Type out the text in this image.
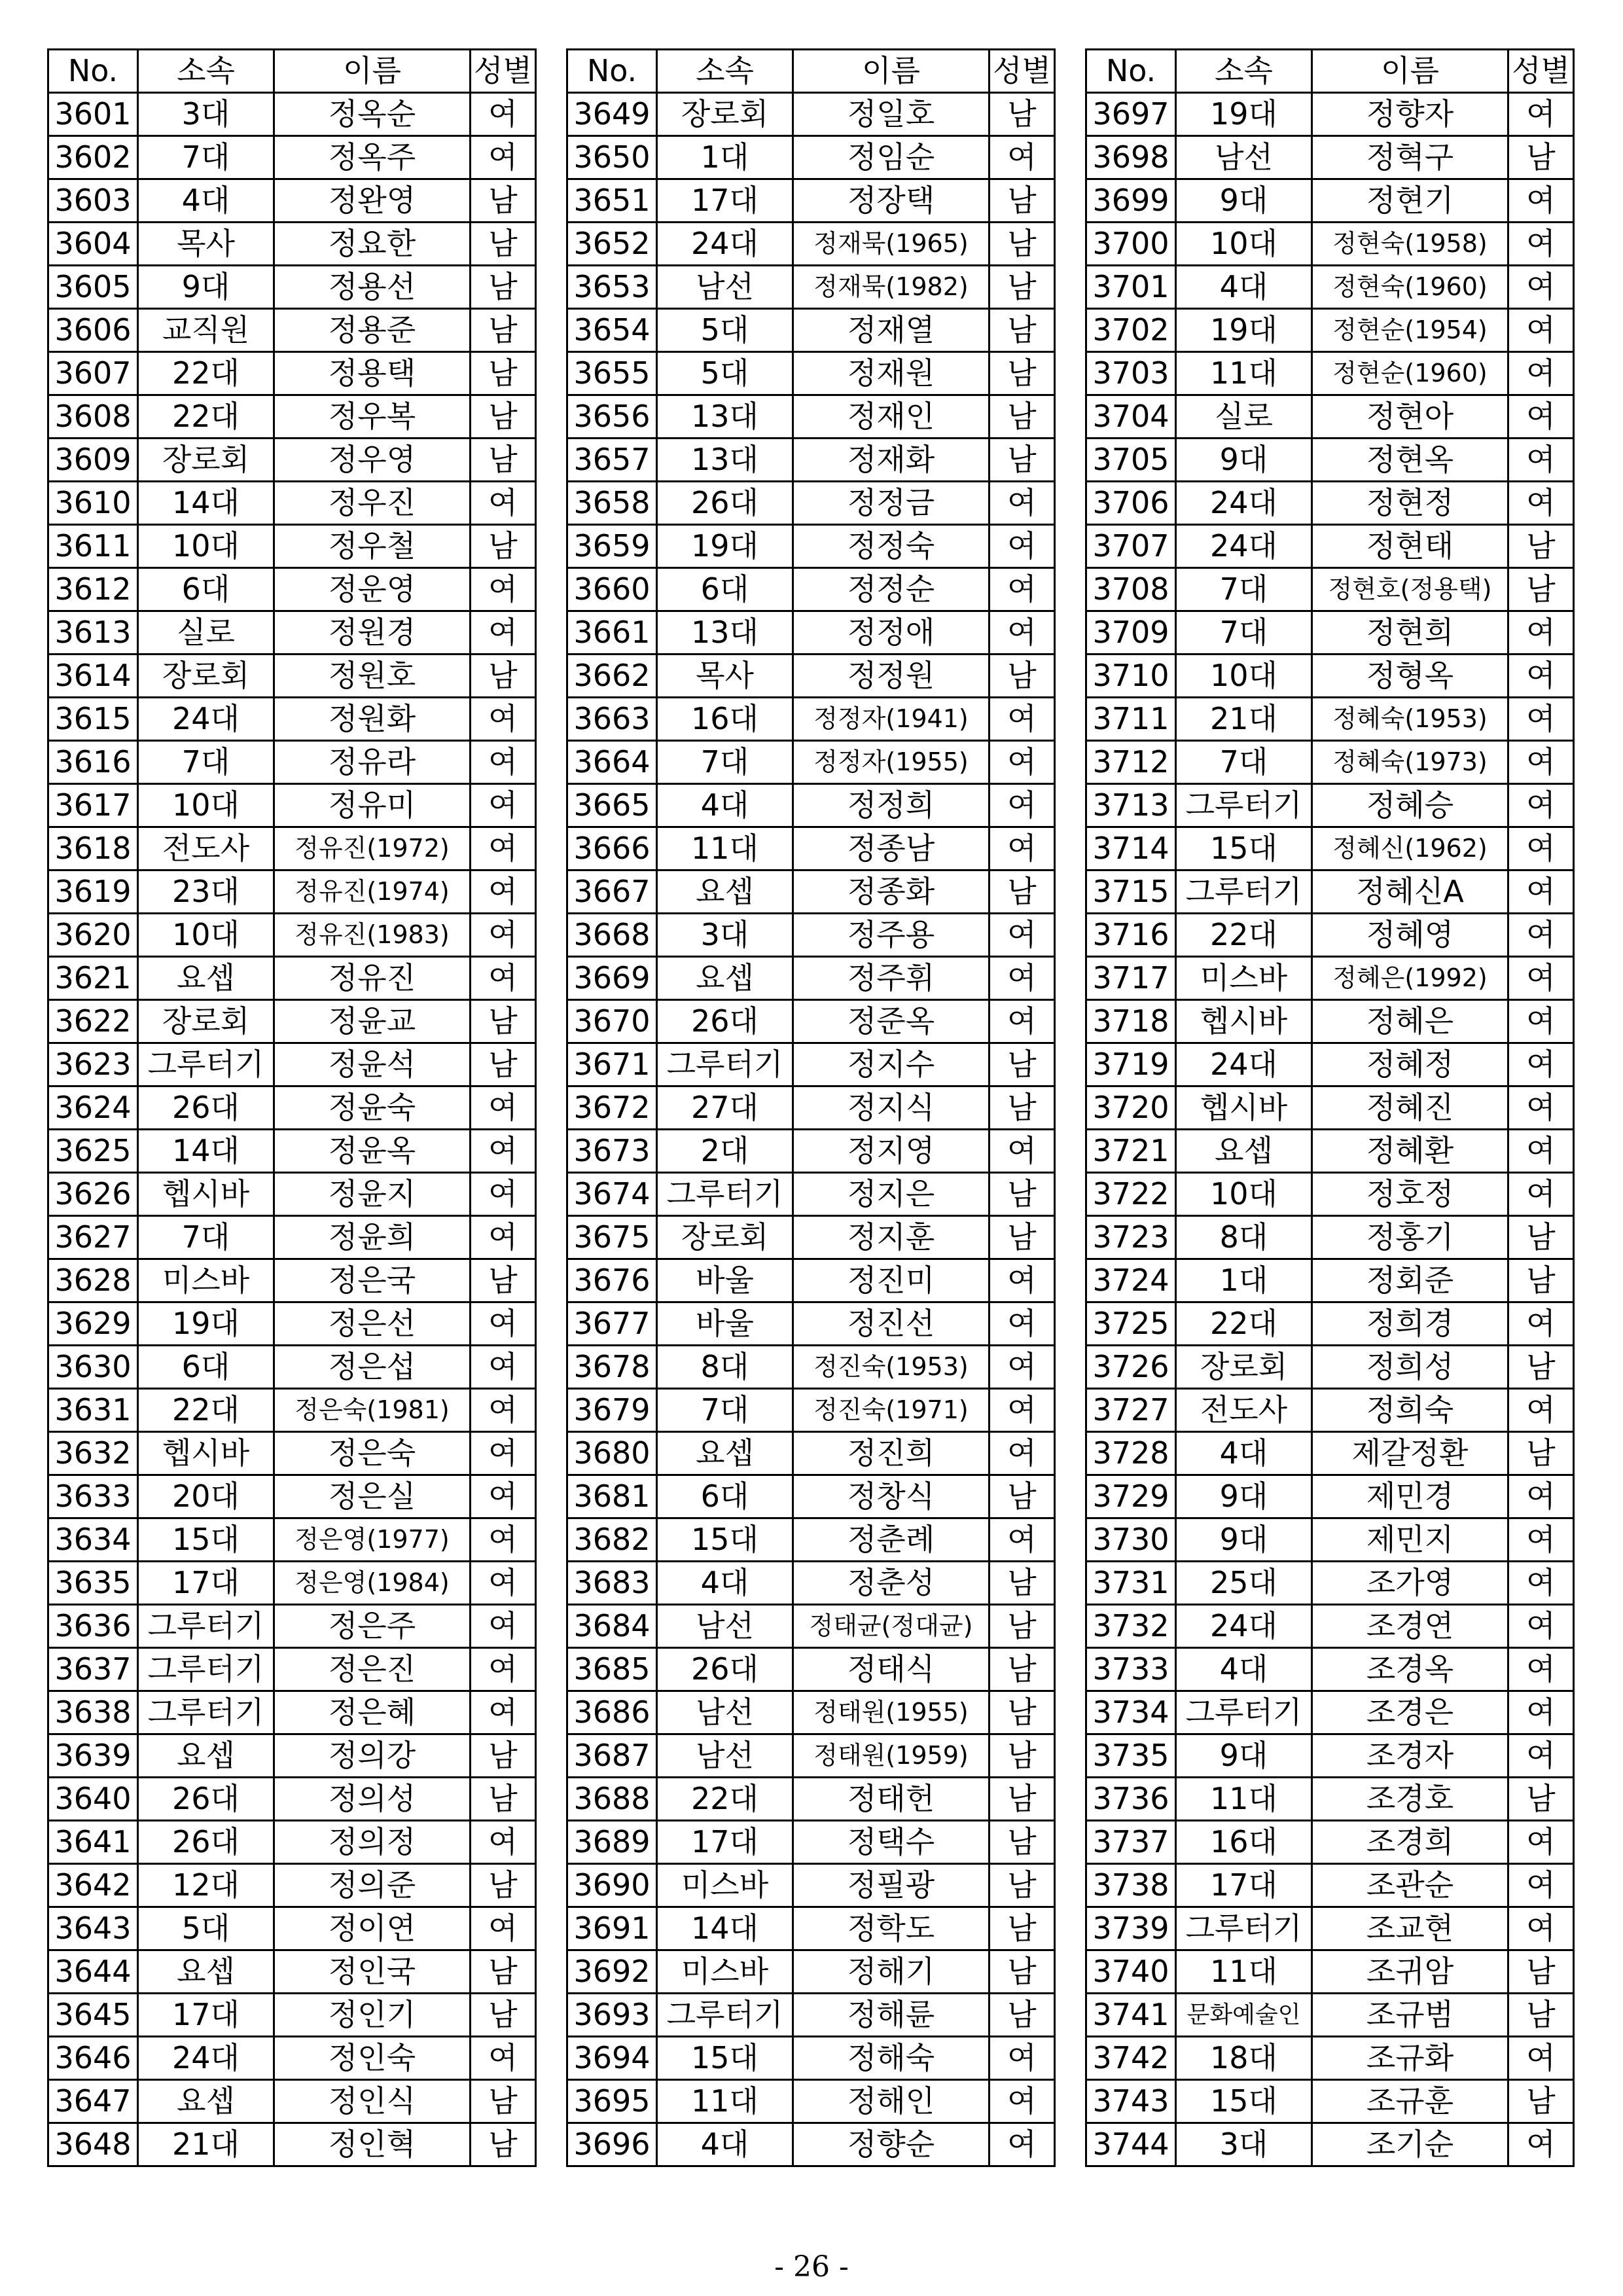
No.	소속	이름	성별
3601	3대	정옥순	여
3602	7대	정옥주	여
3603	4대	정완영	남
3604	목사	정요한	남
3605	9대	정용선	남
3606	교직원	정용준	남
3607	22대	정용택	남
3608	22대	정우복	남
3609	장로회	정우영	남
3610	14대	정우진	여
3611	10대	정우철	남
3612	6대	정운영	여
3613	실로	정원경	여
3614	장로회	정원호	남
3615	24대	정원화	여
3616	7대	정유라	여
3617	10대	정유미	여
3618	전도사	정유진(1972)	여
3619	23대	정유진(1974)	여
3620	10대	정유진(1983)	여
3621	요셉	정유진	여
3622	장로회	정윤교	남
3623	그루터기	정윤석	남
3624	26대	정윤숙	여
3625	14대	정윤옥	여
3626	헵시바	정윤지	여
3627	7대	정윤희	여
3628	미스바	정은국	남
3629	19대	정은선	여
3630	6대	정은섭	여
3631	22대	정은숙(1981)	여
3632	헵시바	정은숙	여
3633	20대	정은실	여
3634	15대	정은영(1977)	여
3635	17대	정은영(1984)	여
3636	그루터기	정은주	여
3637	그루터기	정은진	여
3638	그루터기	정은혜	여
3639	요셉	정의강	남
3640	26대	정의성	남
3641	26대	정의정	여
3642	12대	정의준	남
3643	5대	정이연	여
3644	요셉	정인국	남
3645	17대	정인기	남
3646	24대	정인숙	여
3647	요셉	정인식	남
3648	21대	정인혁	남
No.	소속	이름	성별
3649	장로회	정일호	남
3650	1대	정임순	여
3651	17대	정장택	남
3652	24대	정재묵(1965)	남
3653	남선	정재묵(1982)	남
3654	5대	정재열	남
3655	5대	정재원	남
3656	13대	정재인	남
3657	13대	정재화	남
3658	26대	정정금	여
3659	19대	정정숙	여
3660	6대	정정순	여
3661	13대	정정애	여
3662	목사	정정원	남
3663	16대	정정자(1941)	여
3664	7대	정정자(1955)	여
3665	4대	정정희	여
3666	11대	정종남	여
3667	요셉	정종화	남
3668	3대	정주용	여
3669	요셉	정주휘	여
3670	26대	정준옥	여
3671	그루터기	정지수	남
3672	27대	정지식	남
3673	2대	정지영	여
3674	그루터기	정지은	남
3675	장로회	정지훈	남
3676	바울	정진미	여
3677	바울	정진선	여
3678	8대	정진숙(1953)	여
3679	7대	정진숙(1971)	여
3680	요셉	정진희	여
3681	6대	정창식	남
3682	15대	정춘례	여
3683	4대	정춘성	남
3684	남선	정태균(정대균)	남
3685	26대	정태식	남
3686	남선	정태원(1955)	남
3687	남선	정태원(1959)	남
3688	22대	정태헌	남
3689	17대	정택수	남
3690	미스바	정필광	남
3691	14대	정학도	남
3692	미스바	정해기	남
3693	그루터기	정해륜	남
3694	15대	정해숙	여
3695	11대	정해인	여
3696	4대	정향순	여
No.	소속	이름	성별
3697	19대	정향자	여
3698	남선	정혁구	남
3699	9대	정현기	여
3700	10대	정현숙(1958)	여
3701	4대	정현숙(1960)	여
3702	19대	정현순(1954)	여
3703	11대	정현순(1960)	여
3704	실로	정현아	여
3705	9대	정현옥	여
3706	24대	정현정	여
3707	24대	정현태	남
3708	7대	정현호(정용택)	남
3709	7대	정현희	여
3710	10대	정형옥	여
3711	21대	정혜숙(1953)	여
3712	7대	정혜숙(1973)	여
3713	그루터기	정혜승	여
3714	15대	정혜신(1962)	여
3715	그루터기	정혜신A	여
3716	22대	정혜영	여
3717	미스바	정혜은(1992)	여
3718	헵시바	정혜은	여
3719	24대	정혜정	여
3720	헵시바	정혜진	여
3721	요셉	정혜환	여
3722	10대	정호정	여
3723	8대	정홍기	남
3724	1대	정회준	남
3725	22대	정희경	여
3726	장로회	정희성	남
3727	전도사	정희숙	여
3728	4대	제갈정환	남
3729	9대	제민경	여
3730	9대	제민지	여
3731	25대	조가영	여
3732	24대	조경연	여
3733	4대	조경옥	여
3734	그루터기	조경은	여
3735	9대	조경자	여
3736	11대	조경호	남
3737	16대	조경희	여
3738	17대	조관순	여
3739	그루터기	조교현	여
3740	11대	조귀암	남
3741	문화예술인	조규범	남
3742	18대	조규화	여
3743	15대	조규훈	남
3744	3대	조기순	여
- 26 -
